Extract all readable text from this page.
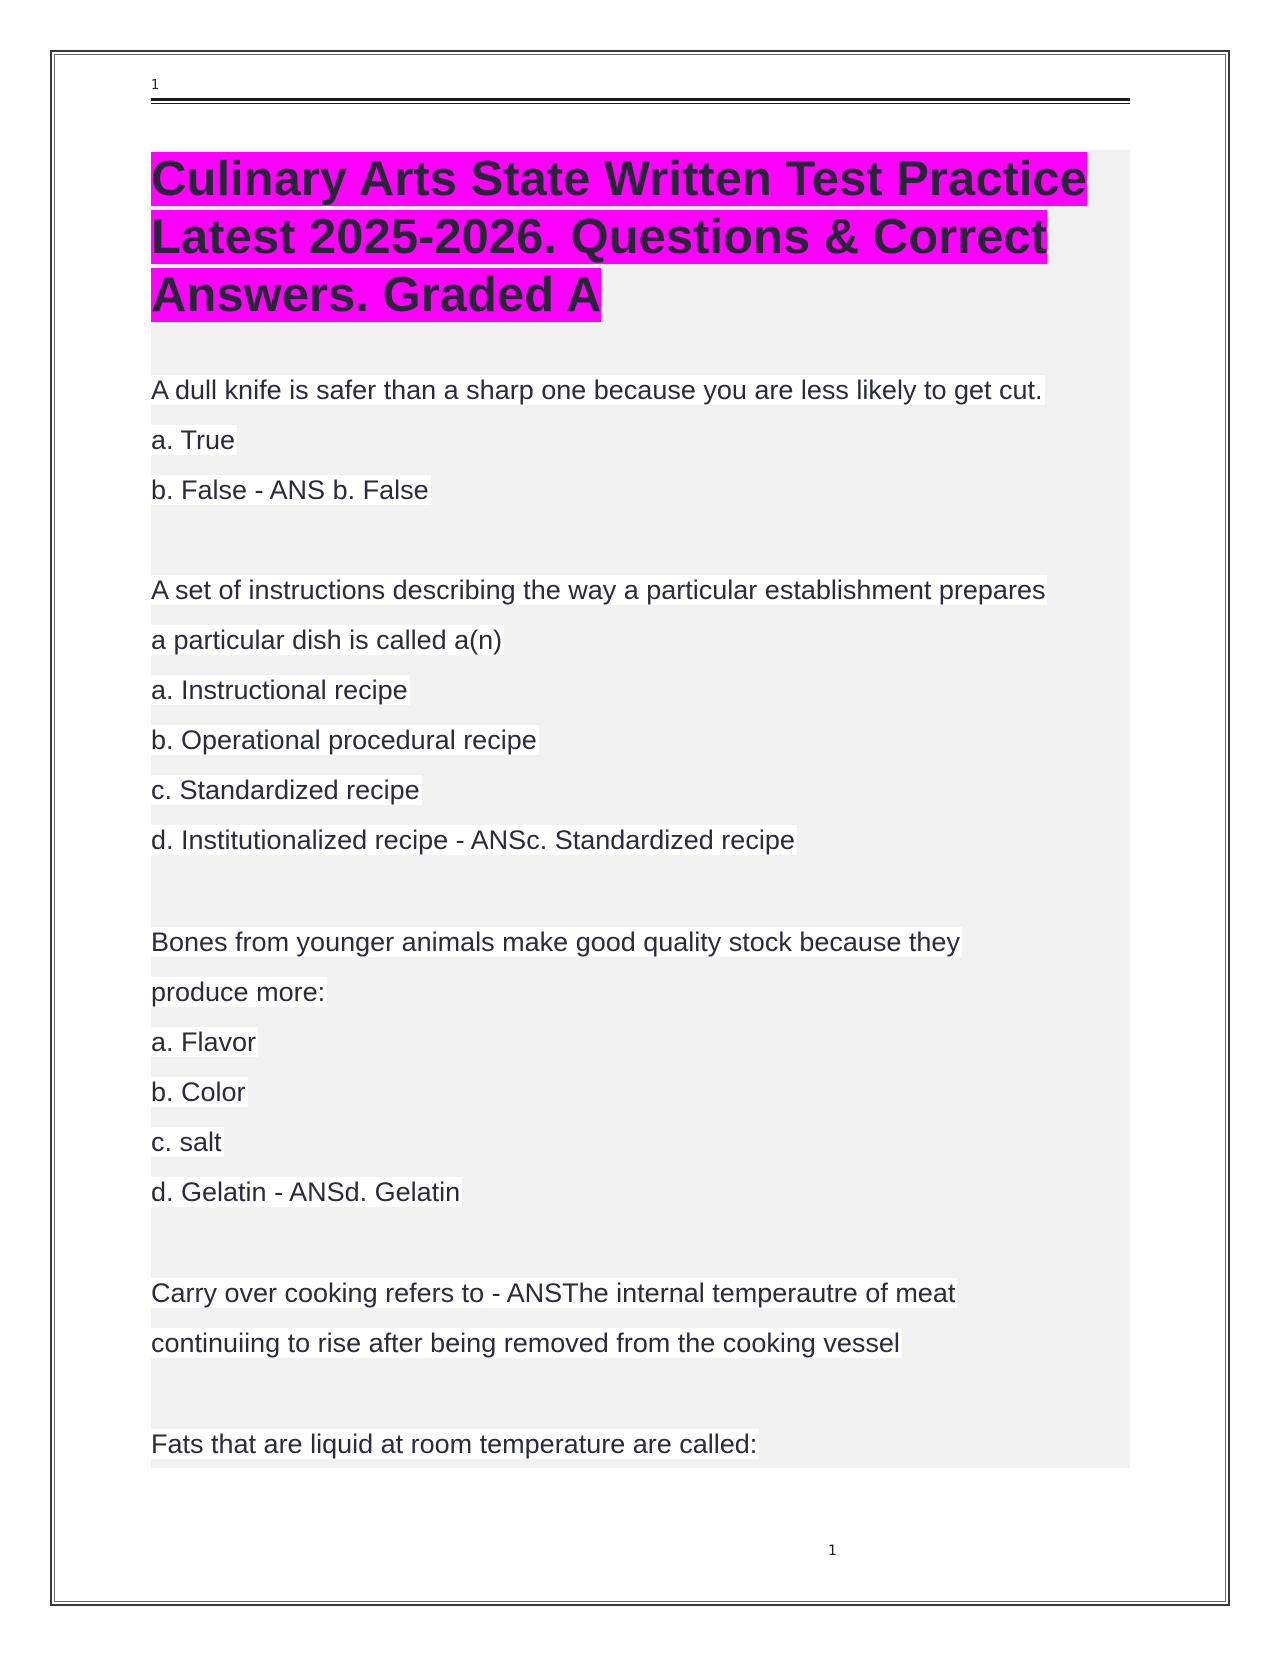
1
Culinary Arts State Written Test Practice Latest 2025-2026. Questions & Correct Answers. Graded A
A dull knife is safer than a sharp one because you are less likely to get cut.
a. True
b. False - ANS b. False
A set of instructions describing the way a particular establishment prepares
a particular dish is called a(n)
a. Instructional recipe
b. Operational procedural recipe
c. Standardized recipe
d. Institutionalized recipe - ANSc. Standardized recipe
Bones from younger animals make good quality stock because they
produce more:
a. Flavor
b. Color
c. salt
d. Gelatin - ANSd. Gelatin
Carry over cooking refers to - ANSThe internal temperautre of meat
continuiing to rise after being removed from the cooking vessel
Fats that are liquid at room temperature are called:
1
